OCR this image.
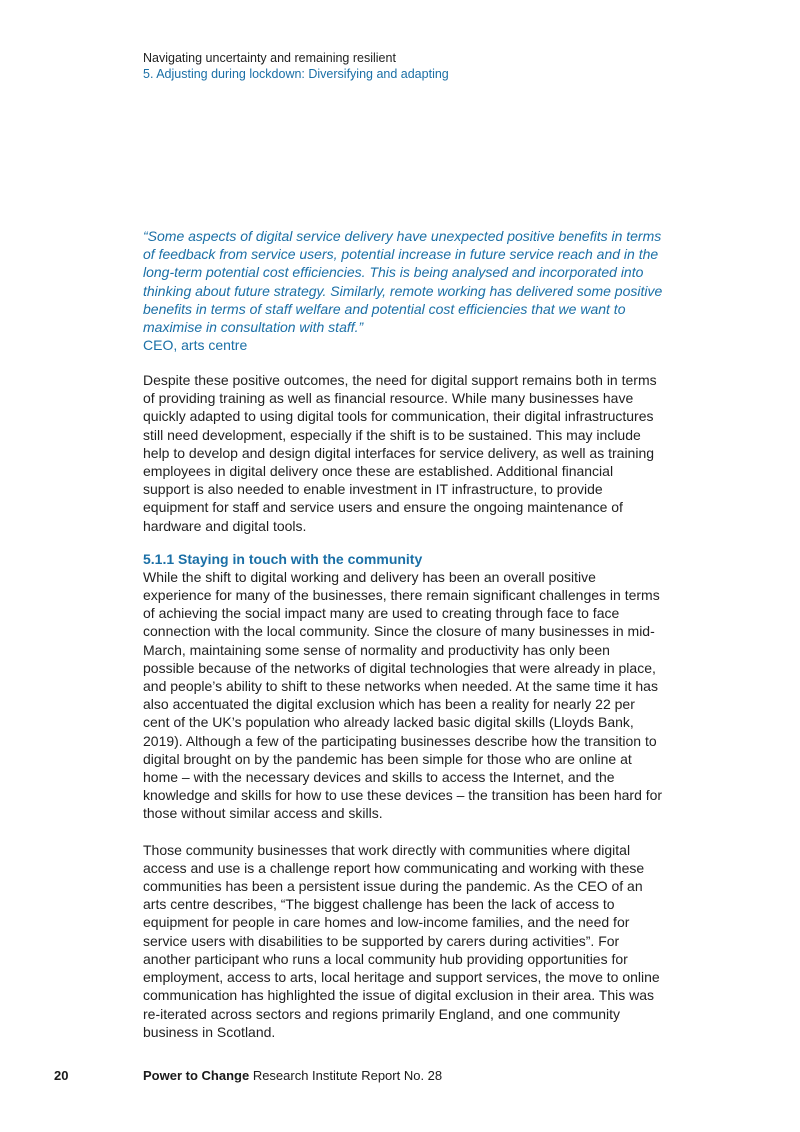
Navigating uncertainty and remaining resilient
5. Adjusting during lockdown: Diversifying and adapting
“Some aspects of digital service delivery have unexpected positive benefits in terms of feedback from service users, potential increase in future service reach and in the long-term potential cost efficiencies. This is being analysed and incorporated into thinking about future strategy. Similarly, remote working has delivered some positive benefits in terms of staff welfare and potential cost efficiencies that we want to maximise in consultation with staff.”
CEO, arts centre

Despite these positive outcomes, the need for digital support remains both in terms of providing training as well as financial resource. While many businesses have quickly adapted to using digital tools for communication, their digital infrastructures still need development, especially if the shift is to be sustained. This may include help to develop and design digital interfaces for service delivery, as well as training employees in digital delivery once these are established. Additional financial support is also needed to enable investment in IT infrastructure, to provide equipment for staff and service users and ensure the ongoing maintenance of hardware and digital tools.

5.1.1 Staying in touch with the community

While the shift to digital working and delivery has been an overall positive experience for many of the businesses, there remain significant challenges in terms of achieving the social impact many are used to creating through face to face connection with the local community. Since the closure of many businesses in mid-March, maintaining some sense of normality and productivity has only been possible because of the networks of digital technologies that were already in place, and people’s ability to shift to these networks when needed. At the same time it has also accentuated the digital exclusion which has been a reality for nearly 22 per cent of the UK’s population who already lacked basic digital skills (Lloyds Bank, 2019). Although a few of the participating businesses describe how the transition to digital brought on by the pandemic has been simple for those who are online at home – with the necessary devices and skills to access the Internet, and the knowledge and skills for how to use these devices – the transition has been hard for those without similar access and skills.

Those community businesses that work directly with communities where digital access and use is a challenge report how communicating and working with these communities has been a persistent issue during the pandemic. As the CEO of an arts centre describes, “The biggest challenge has been the lack of access to equipment for people in care homes and low-income families, and the need for service users with disabilities to be supported by carers during activities”. For another participant who runs a local community hub providing opportunities for employment, access to arts, local heritage and support services, the move to online communication has highlighted the issue of digital exclusion in their area. This was re-iterated across sectors and regions primarily England, and one community business in Scotland.

20	Power to Change Research Institute Report No. 28
